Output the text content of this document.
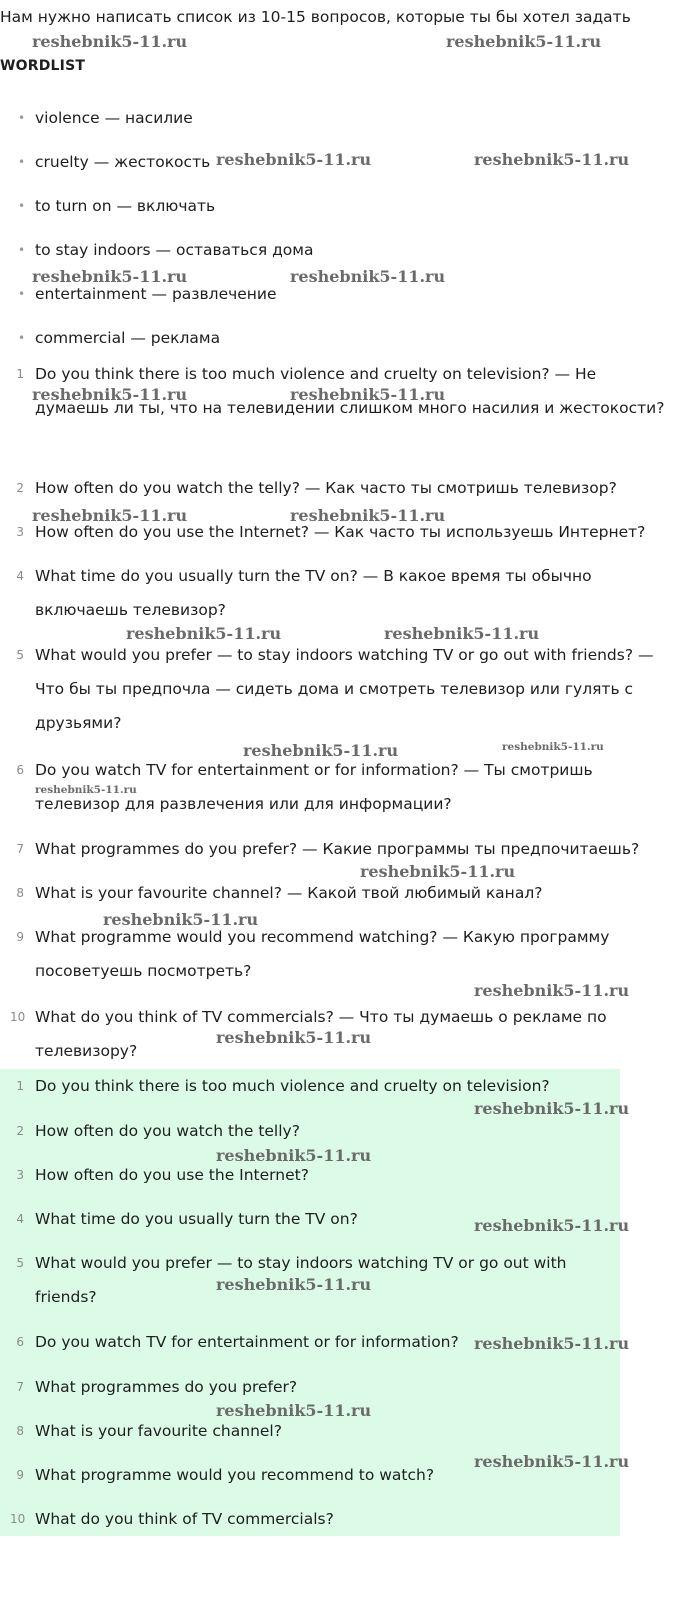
Нам нужно написать список из 10-15 вопросов, которые ты бы хотел задать
WORDLIST
• violence — насилие
• cruelty — жестокость
• to turn on — включать
• to stay indoors — оставаться дома
• entertainment — развлечение
• commercial — реклама
1 Do you think there is too much violence and cruelty on television? — Не думаешь ли ты, что на телевидении слишком много насилия и жестокости?
2 How often do you watch the telly? — Как часто ты смотришь телевизор?
3 How often do you use the Internet? — Как часто ты используешь Интернет?
4 What time do you usually turn the TV on? — В какое время ты обычно включаешь телевизор?
5 What would you prefer — to stay indoors watching TV or go out with friends? — Что бы ты предпочла — сидеть дома и смотреть телевизор или гулять с друзьями?
6 Do you watch TV for entertainment or for information? — Ты смотришь телевизор для развлечения или для информации?
7 What programmes do you prefer? — Какие программы ты предпочитаешь?
8 What is your favourite channel? — Какой твой любимый канал?
9 What programme would you recommend watching? — Какую программу посоветуешь посмотреть?
10 What do you think of TV commercials? — Что ты думаешь о рекламе по телевизору?
1 Do you think there is too much violence and cruelty on television?
2 How often do you watch the telly?
3 How often do you use the Internet?
4 What time do you usually turn the TV on?
5 What would you prefer — to stay indoors watching TV or go out with friends?
6 Do you watch TV for entertainment or for information?
7 What programmes do you prefer?
8 What is your favourite channel?
9 What programme would you recommend to watch?
10 What do you think of TV commercials?
reshebnik5-11.ru	reshebnik5-11.ru
reshebnik5-11.ru	reshebnik5-11.ru
reshebnik5-11.ru	reshebnik5-11.ru
reshebnik5-11.ru	reshebnik5-11.ru
reshebnik5-11.ru	reshebnik5-11.ru
reshebnik5-11.ru	reshebnik5-11.ru
reshebnik5-11.ru	reshebnik5-11.ru
reshebnik5-11.ru
reshebnik5-11.ru
reshebnik5-11.ru
reshebnik5-11.ru
reshebnik5-11.ru
reshebnik5-11.ru
reshebnik5-11.ru
reshebnik5-11.ru
reshebnik5-11.ru
reshebnik5-11.ru
reshebnik5-11.ru
reshebnik5-11.ru
